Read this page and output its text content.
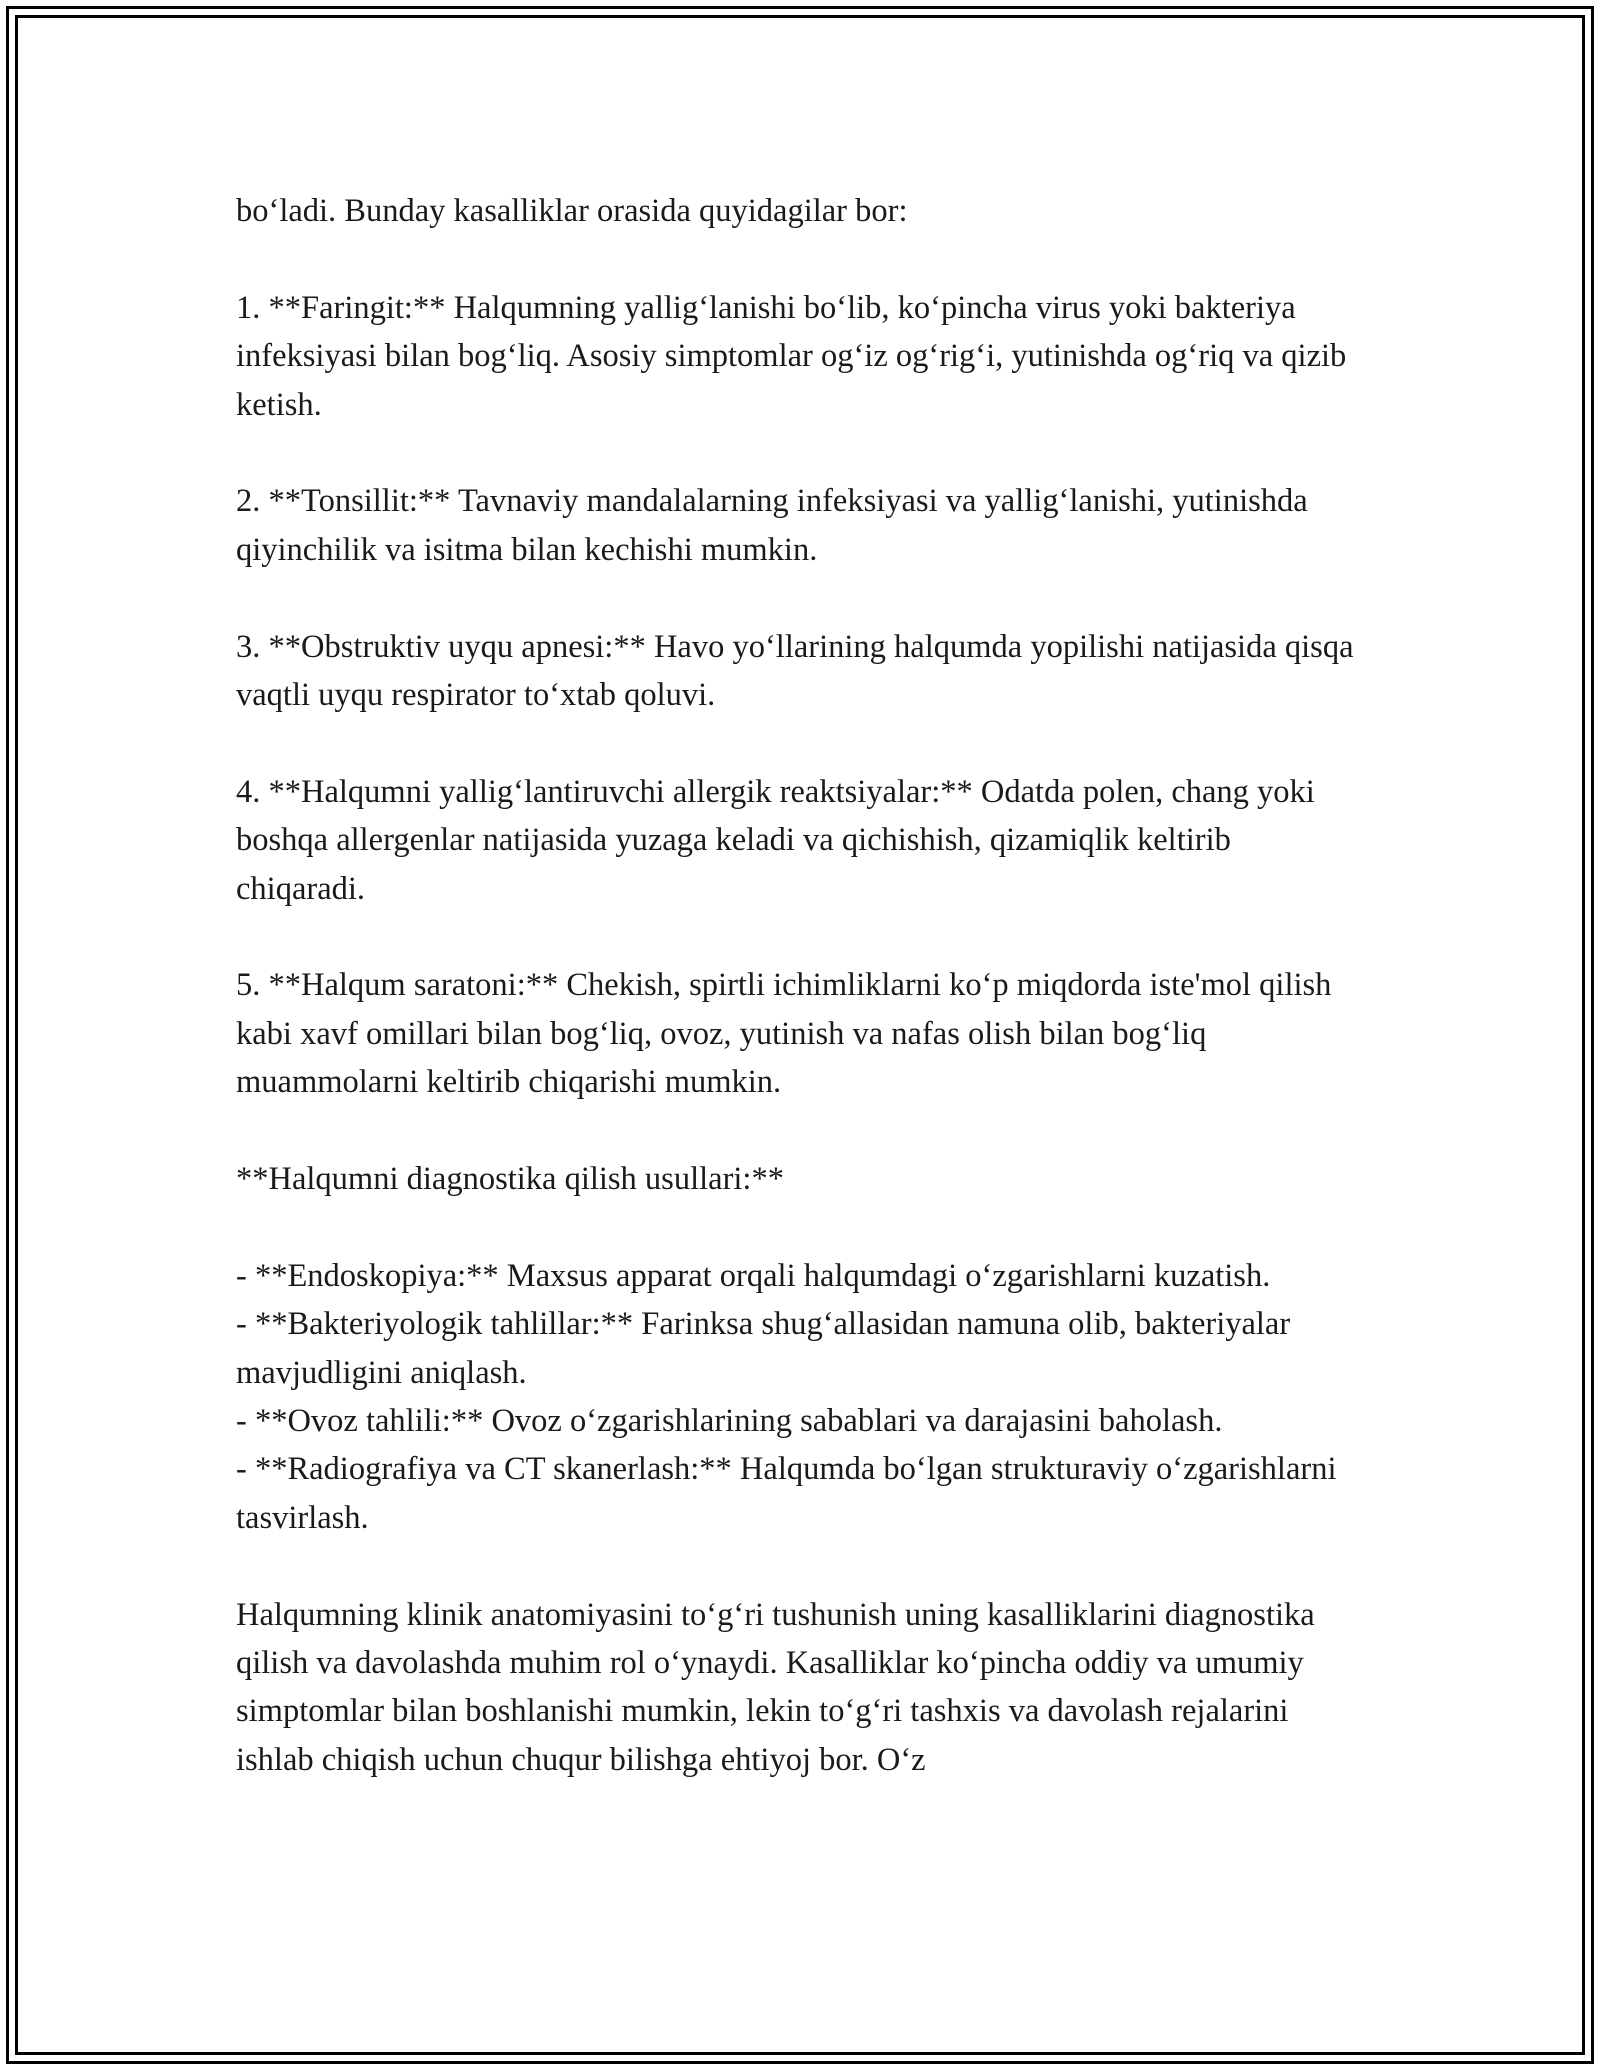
bo‘ladi. Bunday kasalliklar orasida quyidagilar bor:

1. **Faringit:** Halqumning yallig‘lanishi bo‘lib, ko‘pincha virus yoki bakteriya infeksiyasi bilan bog‘liq. Asosiy simptomlar og‘iz og‘rig‘i, yutinishda og‘riq va qizib ketish.

2. **Tonsillit:** Tavnaviy mandalalarning infeksiyasi va yallig‘lanishi, yutinishda qiyinchilik va isitma bilan kechishi mumkin.

3. **Obstruktiv uyqu apnesi:** Havo yo‘llarining halqumda yopilishi natijasida qisqa vaqtli uyqu respirator to‘xtab qoluvi.

4. **Halqumni yallig‘lantiruvchi allergik reaktsiyalar:** Odatda polen, chang yoki boshqa allergenlar natijasida yuzaga keladi va qichishish, qizamiqlik keltirib chiqaradi.

5. **Halqum saratoni:** Chekish, spirtli ichimliklarni ko‘p miqdorda iste'mol qilish kabi xavf omillari bilan bog‘liq, ovoz, yutinish va nafas olish bilan bog‘liq muammolarni keltirib chiqarishi mumkin.

**Halqumni diagnostika qilish usullari:**

- **Endoskopiya:** Maxsus apparat orqali halqumdagi o‘zgarishlarni kuzatish.

- **Bakteriyologik tahlillar:** Farinksa shug‘allasidan namuna olib, bakteriyalar mavjudligini aniqlash.

- **Ovoz tahlili:** Ovoz o‘zgarishlarining sabablari va darajasini baholash.

- **Radiografiya va CT skanerlash:** Halqumda bo‘lgan strukturaviy o‘zgarishlarni tasvirlash.

Halqumning klinik anatomiyasini to‘g‘ri tushunish uning kasalliklarini diagnostika qilish va davolashda muhim rol o‘ynaydi. Kasalliklar ko‘pincha oddiy va umumiy simptomlar bilan boshlanishi mumkin, lekin to‘g‘ri tashxis va davolash rejalarini ishlab chiqish uchun chuqur bilishga ehtiyoj bor. O‘z
